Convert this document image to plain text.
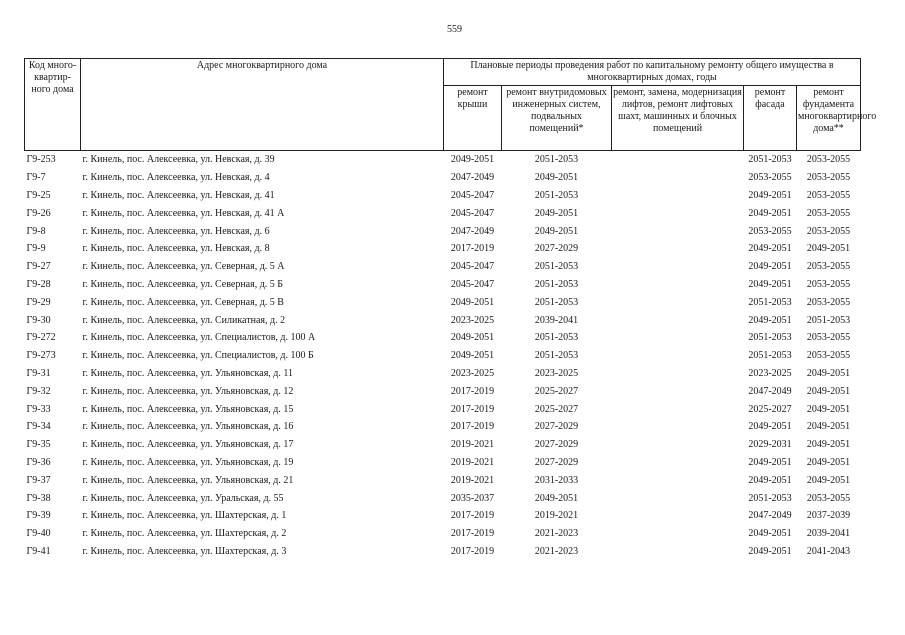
559
Код много-квартир-ного дома	Адрес многоквартирного дома	Плановые периоды проведения работ по капитальному ремонту общего имущества в многоквартирных домах, годы				
		ремонт крыши	ремонт внутридомовых инженерных систем, подвальных помещений*	ремонт, замена, модернизация лифтов, ремонт лифтовых шахт, машинных и блочных помещений	ремонт фасада	ремонт фундамента многоквартирного дома**
Г9-253	г. Кинель, пос. Алексеевка, ул. Невская, д. 39	2049-2051	2051-2053		2051-2053	2053-2055
Г9-7	г. Кинель, пос. Алексеевка, ул. Невская, д. 4	2047-2049	2049-2051		2053-2055	2053-2055
Г9-25	г. Кинель, пос. Алексеевка, ул. Невская, д. 41	2045-2047	2051-2053		2049-2051	2053-2055
Г9-26	г. Кинель, пос. Алексеевка, ул. Невская, д. 41 А	2045-2047	2049-2051		2049-2051	2053-2055
Г9-8	г. Кинель, пос. Алексеевка, ул. Невская, д. 6	2047-2049	2049-2051		2053-2055	2053-2055
Г9-9	г. Кинель, пос. Алексеевка, ул. Невская, д. 8	2017-2019	2027-2029		2049-2051	2049-2051
Г9-27	г. Кинель, пос. Алексеевка, ул. Северная, д. 5 А	2045-2047	2051-2053		2049-2051	2053-2055
Г9-28	г. Кинель, пос. Алексеевка, ул. Северная, д. 5 Б	2045-2047	2051-2053		2049-2051	2053-2055
Г9-29	г. Кинель, пос. Алексеевка, ул. Северная, д. 5 В	2049-2051	2051-2053		2051-2053	2053-2055
Г9-30	г. Кинель, пос. Алексеевка, ул. Силикатная, д. 2	2023-2025	2039-2041		2049-2051	2051-2053
Г9-272	г. Кинель, пос. Алексеевка, ул. Специалистов, д. 100 А	2049-2051	2051-2053		2051-2053	2053-2055
Г9-273	г. Кинель, пос. Алексеевка, ул. Специалистов, д. 100 Б	2049-2051	2051-2053		2051-2053	2053-2055
Г9-31	г. Кинель, пос. Алексеевка, ул. Ульяновская, д. 11	2023-2025	2023-2025		2023-2025	2049-2051
Г9-32	г. Кинель, пос. Алексеевка, ул. Ульяновская, д. 12	2017-2019	2025-2027		2047-2049	2049-2051
Г9-33	г. Кинель, пос. Алексеевка, ул. Ульяновская, д. 15	2017-2019	2025-2027		2025-2027	2049-2051
Г9-34	г. Кинель, пос. Алексеевка, ул. Ульяновская, д. 16	2017-2019	2027-2029		2049-2051	2049-2051
Г9-35	г. Кинель, пос. Алексеевка, ул. Ульяновская, д. 17	2019-2021	2027-2029		2029-2031	2049-2051
Г9-36	г. Кинель, пос. Алексеевка, ул. Ульяновская, д. 19	2019-2021	2027-2029		2049-2051	2049-2051
Г9-37	г. Кинель, пос. Алексеевка, ул. Ульяновская, д. 21	2019-2021	2031-2033		2049-2051	2049-2051
Г9-38	г. Кинель, пос. Алексеевка, ул. Уральская, д. 55	2035-2037	2049-2051		2051-2053	2053-2055
Г9-39	г. Кинель, пос. Алексеевка, ул. Шахтерская, д. 1	2017-2019	2019-2021		2047-2049	2037-2039
Г9-40	г. Кинель, пос. Алексеевка, ул. Шахтерская, д. 2	2017-2019	2021-2023		2049-2051	2039-2041
Г9-41	г. Кинель, пос. Алексеевка, ул. Шахтерская, д. 3	2017-2019	2021-2023		2049-2051	2041-2043
